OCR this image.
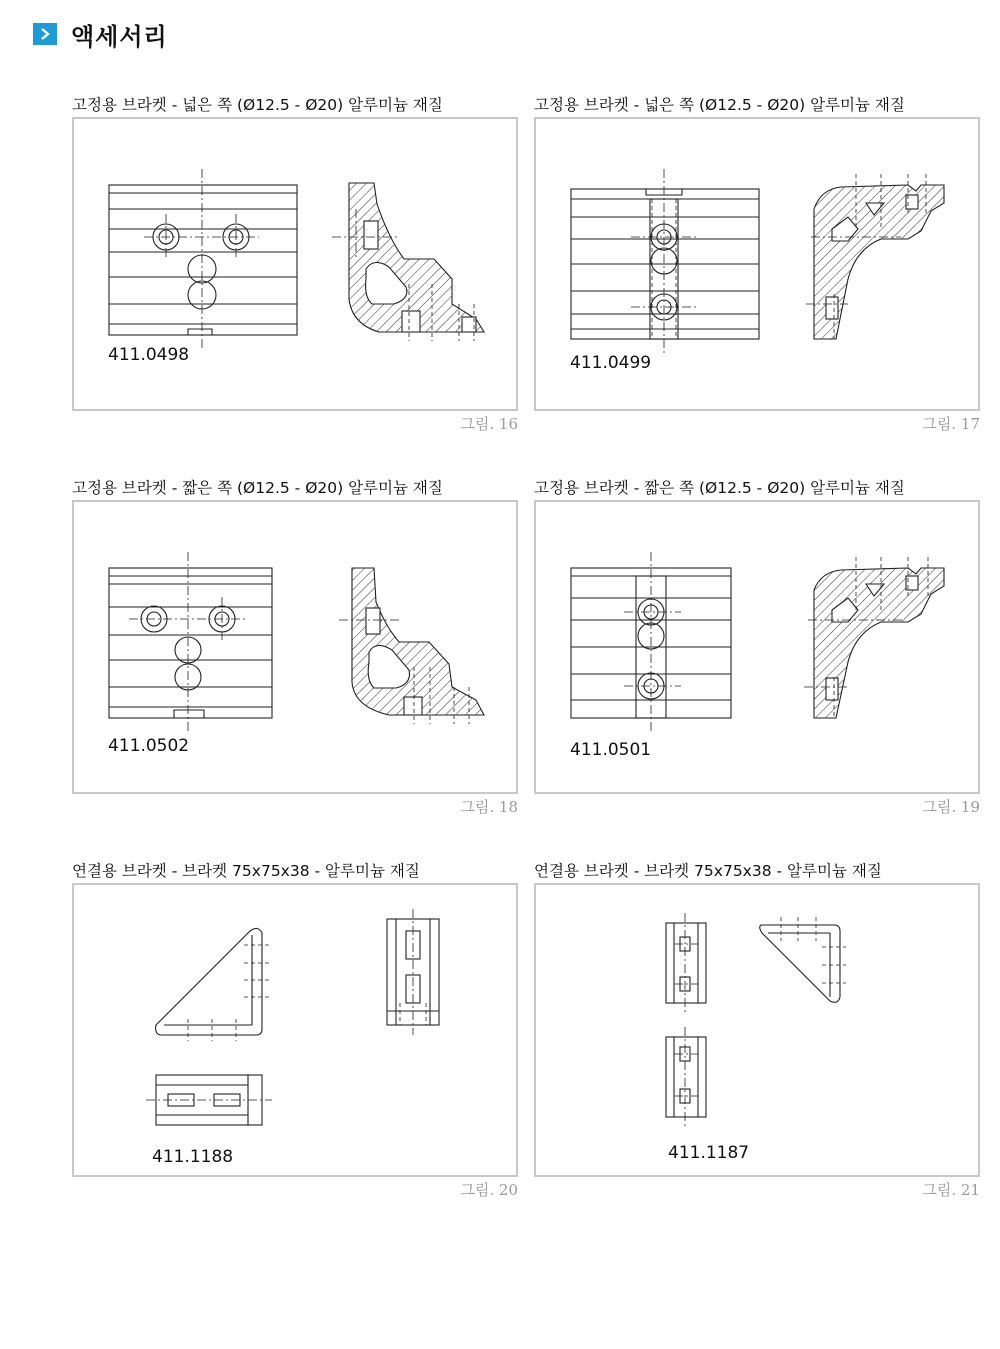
액세서리
고정용 브라켓 - 넓은 쪽 (Ø12.5 - Ø20) 알루미늄 재질
411.0498
그림. 16
고정용 브라켓 - 넓은 쪽 (Ø12.5 - Ø20) 알루미늄 재질
411.0499
그림. 17
고정용 브라켓 - 짧은 쪽 (Ø12.5 - Ø20) 알루미늄 재질
411.0502
그림. 18
고정용 브라켓 - 짧은 쪽 (Ø12.5 - Ø20) 알루미늄 재질
411.0501
그림. 19
연결용 브라켓 - 브라켓 75x75x38 - 알루미늄 재질
411.1188
그림. 20
연결용 브라켓 - 브라켓 75x75x38 - 알루미늄 재질
411.1187
그림. 21
